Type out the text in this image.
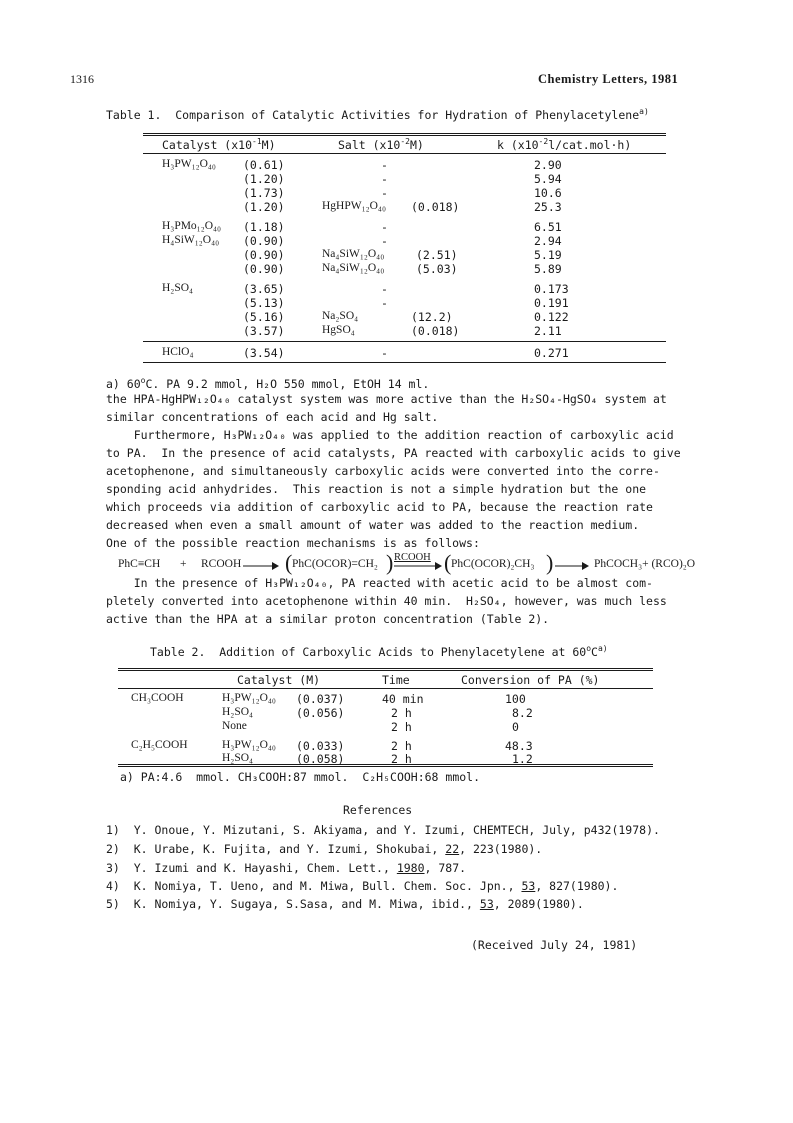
1316	Chemistry Letters, 1981
Table 1.  Comparison of Catalytic Activities for Hydration of Phenylacetylene$^{a)}$
Catalyst $(x10^{-1}M)$	Salt $(x10^{-2}M)$	k $(x10^{-2}l/cat.mol\cdot h)$
H₃PW₁₂O₄₀ (0.61)	-	2.90
(1.20)	-	5.94
(1.73)	-	10.6
(1.20)	HgHPW₁₂O₄₀ (0.018)	25.3
H₃PMo₁₂O₄₀ (1.18)	-	6.51
H₄SiW₁₂O₄₀ (0.90)	-	2.94
(0.90)	Na₄SiW₁₂O₄₀	(2.51)	5.19
(0.90)	Na₄SiW₁₂O₄₀	(5.03)	5.89
H₂SO₄	(3.65)	-	0.173
(5.13)	-	0.191
(5.16)	Na₂SO₄	(12.2)	0.122
(3.57)	HgSO₄	(0.018)	2.11
HClO₄	(3.54)	-	0.271
a) 60$^o$C. PA 9.2 mmol, H₂O 550 mmol, EtOH 14 ml.
the HPA-HgHPW₁₂O₄₀ catalyst system was more active than the H₂SO₄-HgSO₄ system at
similar concentrations of each acid and Hg salt.
Furthermore, H₃PW₁₂O₄₀ was applied to the addition reaction of carboxylic acid
to PA.  In the presence of acid catalysts, PA reacted with carboxylic acids to give
acetophenone, and simultaneously carboxylic acids were converted into the corre-
sponding acid anhydrides.  This reaction is not a simple hydration but the one
which proceeds via addition of carboxylic acid to PA, because the reaction rate
decreased when even a small amount of water was added to the reaction medium.
One of the possible reaction mechanisms is as follows:
PhC≡CH + RCOOH → ( PhC(OCOR)=CH₂ ) RCOOH ( PhC(OCOR)₂CH₃ ) → PhCOCH₃+ (RCO)₂O
In the presence of H₃PW₁₂O₄₀, PA reacted with acetic acid to be almost com-
pletely converted into acetophenone within 40 min.  H₂SO₄, however, was much less
active than the HPA at a similar proton concentration (Table 2).
Table 2.  Addition of Carboxylic Acids to Phenylacetylene at $60^oC^{a)}$
Catalyst (M)	Time	Conversion of PA (%)
CH₃COOH	H₃PW₁₂O₄₀ (0.037)	40 min	100
H₂SO₄	(0.056)	2 h	8.2
None	2 h	0
C₂H₅COOH	H₃PW₁₂O₄₀ (0.033)	2 h	48.3
H₂SO₄	(0.058)	2 h	1.2
a) PA:4.6  mmol. CH₃COOH:87 mmol.  C₂H₅COOH:68 mmol.
References
1) Y. Onoue, Y. Mizutani, S. Akiyama, and Y. Izumi, CHEMTECH, July, p432(1978).
2) K. Urabe, K. Fujita, and Y. Izumi, Shokubai, 22, 223(1980).
3) Y. Izumi and K. Hayashi, Chem. Lett., 1980, 787.
4) K. Nomiya, T. Ueno, and M. Miwa, Bull. Chem. Soc. Jpn., 53, 827(1980).
5) K. Nomiya, Y. Sugaya, S.Sasa, and M. Miwa, ibid., 53, 2089(1980).
(Received July 24, 1981)
